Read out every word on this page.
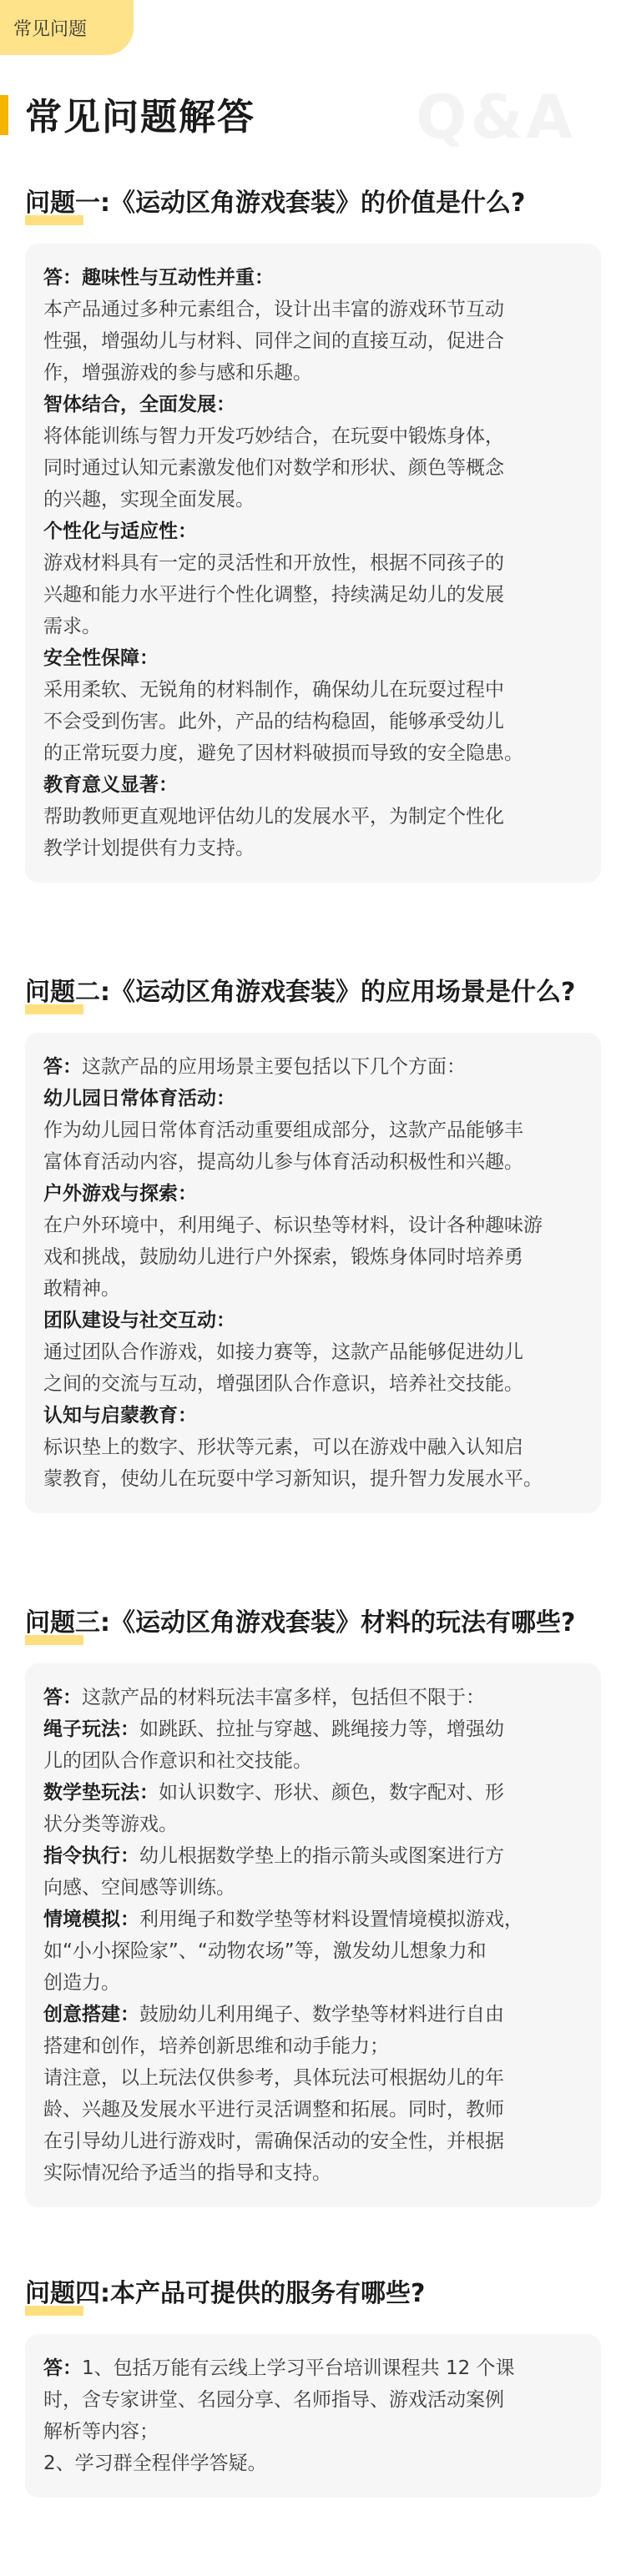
常见问题
常见问题解答	Q&A
问题一:《运动区角游戏套装》的价值是什么?
答：趣味性与互动性并重：
本产品通过多种元素组合，设计出丰富的游戏环节互动
性强，增强幼儿与材料、同伴之间的直接互动，促进合
作，增强游戏的参与感和乐趣。
智体结合，全面发展：
将体能训练与智力开发巧妙结合，在玩耍中锻炼身体，
同时通过认知元素激发他们对数学和形状、颜色等概念
的兴趣，实现全面发展。
个性化与适应性：
游戏材料具有一定的灵活性和开放性，根据不同孩子的
兴趣和能力水平进行个性化调整，持续满足幼儿的发展
需求。
安全性保障：
采用柔软、无锐角的材料制作，确保幼儿在玩耍过程中
不会受到伤害。此外，产品的结构稳固，能够承受幼儿
的正常玩耍力度，避免了因材料破损而导致的安全隐患。
教育意义显著：
帮助教师更直观地评估幼儿的发展水平，为制定个性化
教学计划提供有力支持。
问题二:《运动区角游戏套装》的应用场景是什么?
答：这款产品的应用场景主要包括以下几个方面：
幼儿园日常体育活动：
作为幼儿园日常体育活动重要组成部分，这款产品能够丰
富体育活动内容，提高幼儿参与体育活动积极性和兴趣。
户外游戏与探索：
在户外环境中，利用绳子、标识垫等材料，设计各种趣味游
戏和挑战，鼓励幼儿进行户外探索，锻炼身体同时培养勇
敢精神。
团队建设与社交互动：
通过团队合作游戏，如接力赛等，这款产品能够促进幼儿
之间的交流与互动，增强团队合作意识，培养社交技能。
认知与启蒙教育：
标识垫上的数字、形状等元素，可以在游戏中融入认知启
蒙教育，使幼儿在玩耍中学习新知识，提升智力发展水平。
问题三:《运动区角游戏套装》材料的玩法有哪些?
答：这款产品的材料玩法丰富多样，包括但不限于：
绳子玩法：如跳跃、拉扯与穿越、跳绳接力等，增强幼
儿的团队合作意识和社交技能。
数学垫玩法：如认识数字、形状、颜色，数字配对、形
状分类等游戏。
指令执行：幼儿根据数学垫上的指示箭头或图案进行方
向感、空间感等训练。
情境模拟：利用绳子和数学垫等材料设置情境模拟游戏，
如“小小探险家”、“动物农场”等，激发幼儿想象力和
创造力。
创意搭建：鼓励幼儿利用绳子、数学垫等材料进行自由
搭建和创作，培养创新思维和动手能力；
请注意，以上玩法仅供参考，具体玩法可根据幼儿的年
龄、兴趣及发展水平进行灵活调整和拓展。同时，教师
在引导幼儿进行游戏时，需确保活动的安全性，并根据
实际情况给予适当的指导和支持。
问题四:本产品可提供的服务有哪些?
答：1、包括万能有云线上学习平台培训课程共 12 个课
时，含专家讲堂、名园分享、名师指导、游戏活动案例
解析等内容；
2、学习群全程伴学答疑。
